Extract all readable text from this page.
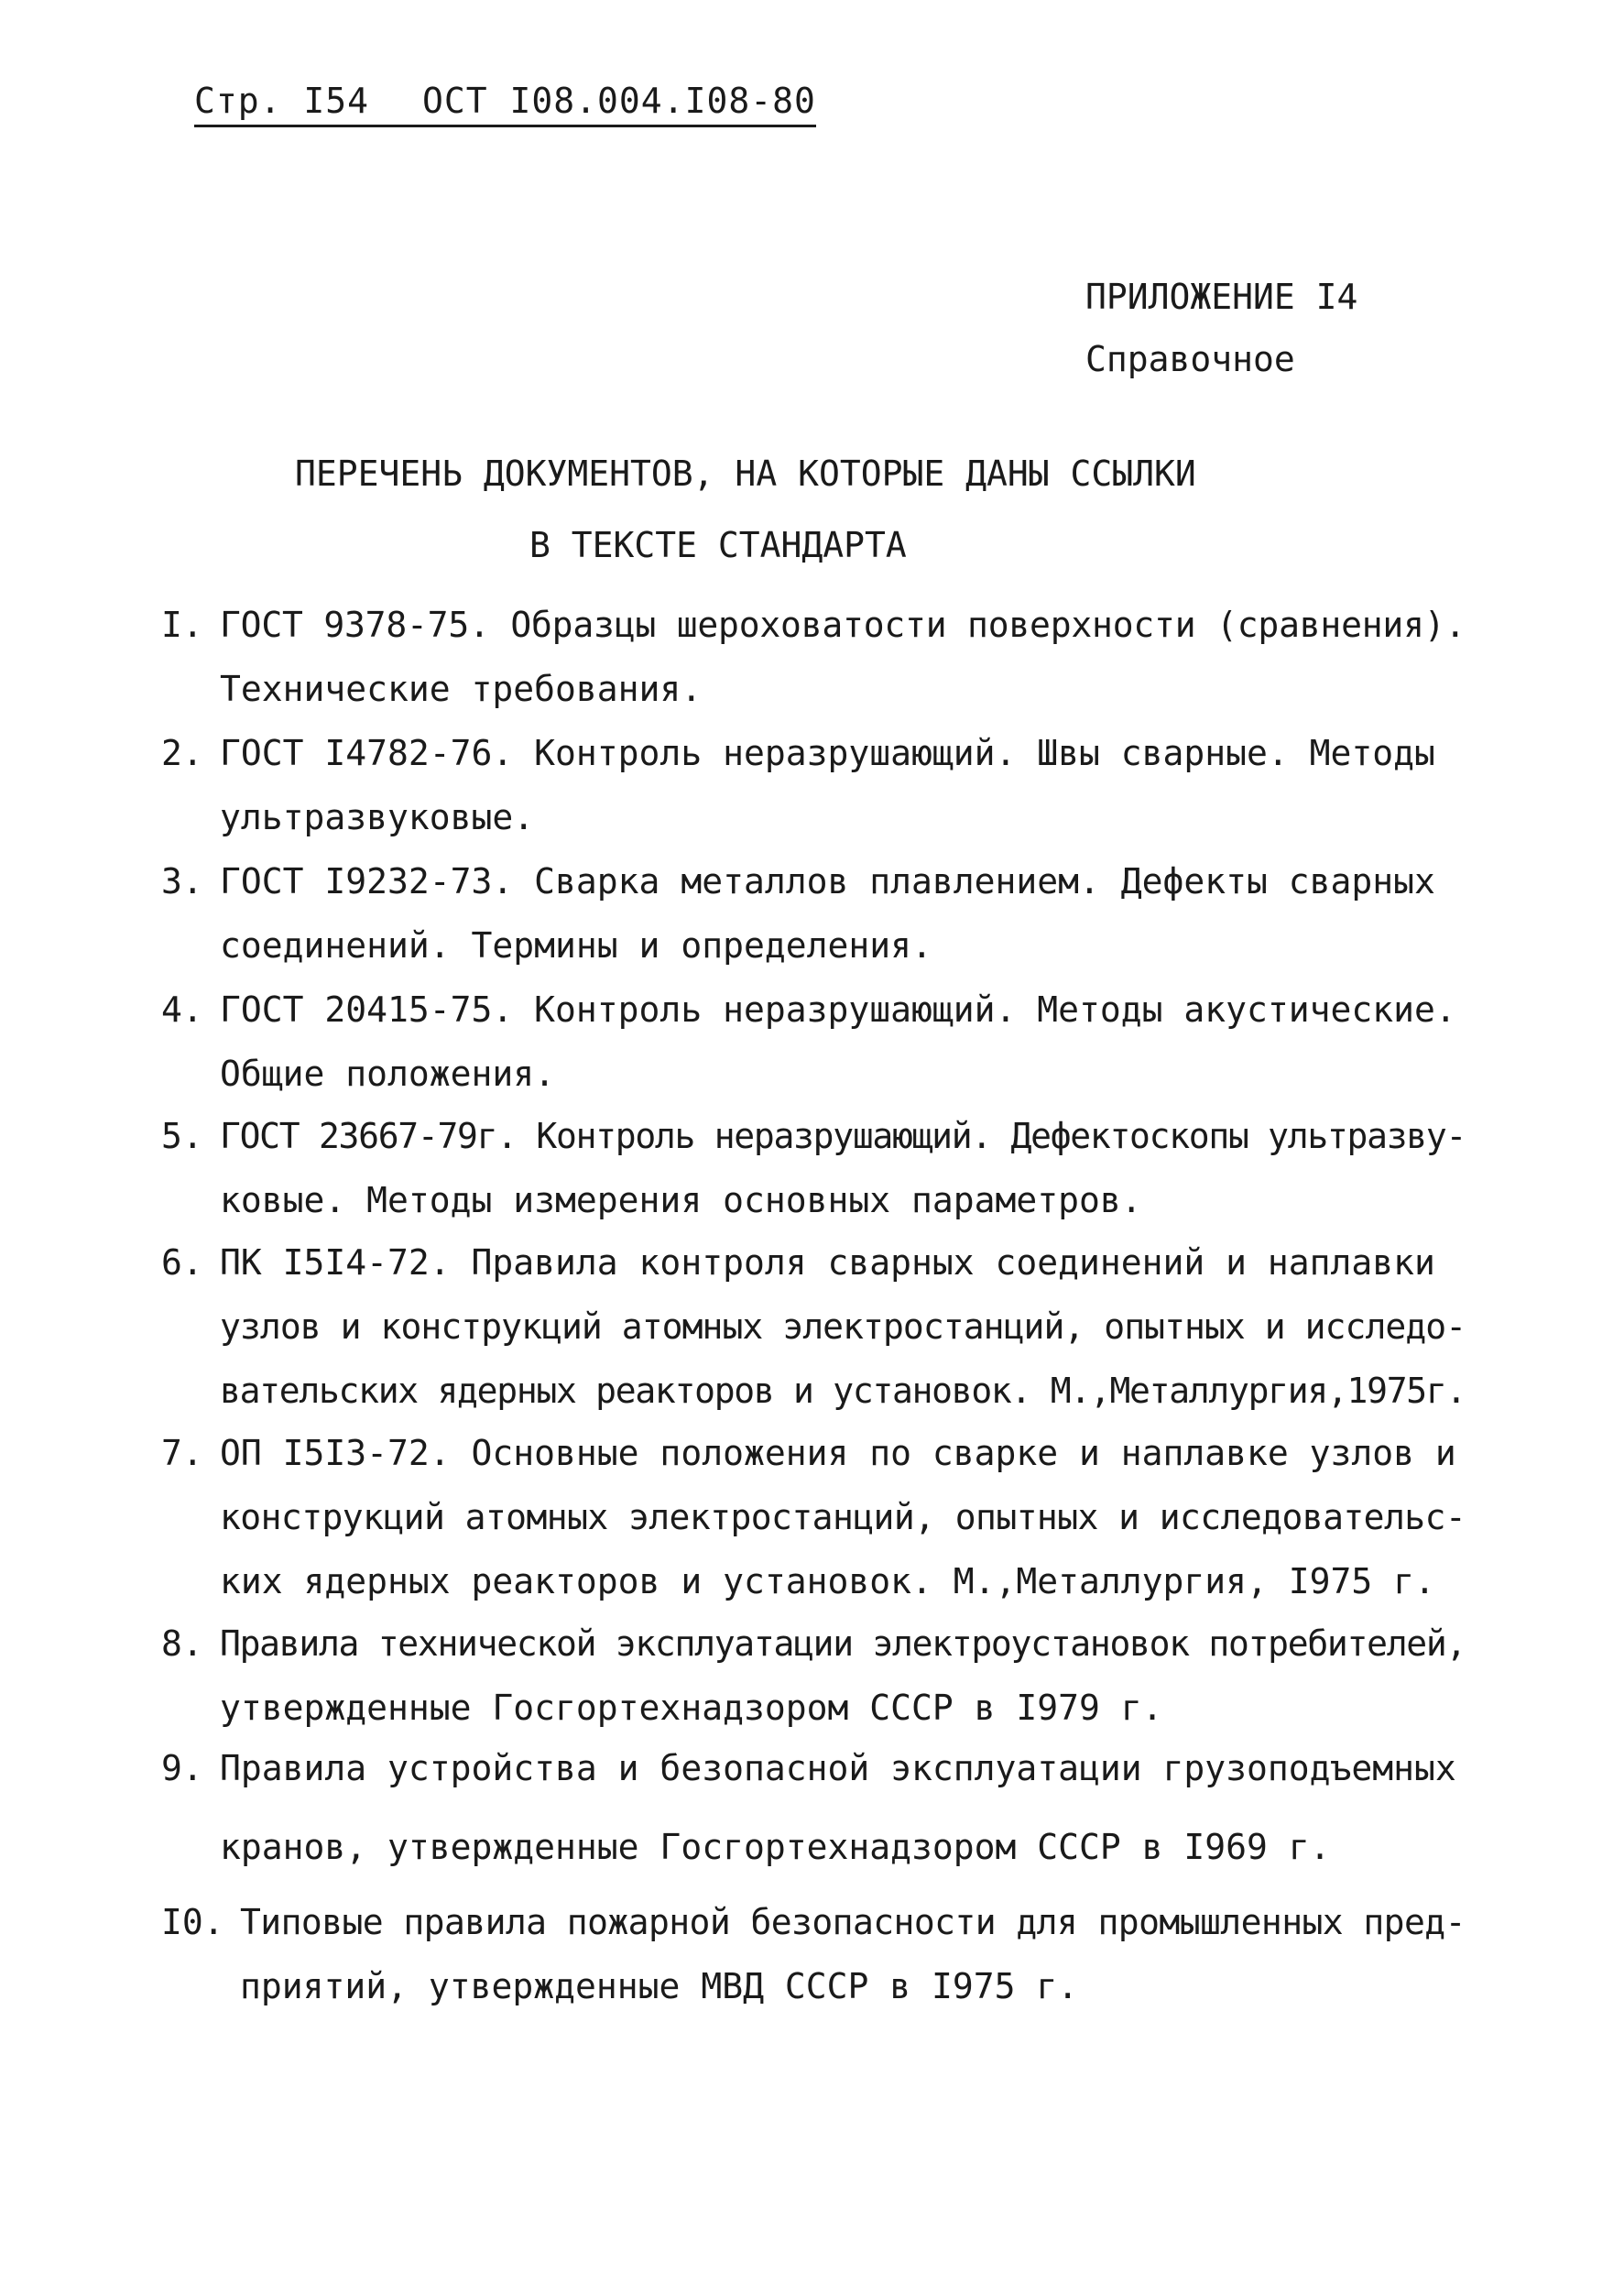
Стр. I54 ОСТ I08.004.I08-80
ПРИЛОЖЕНИЕ I4
Справочное
ПЕРЕЧЕНЬ ДОКУМЕНТОВ, НА КОТОРЫЕ ДАНЫ ССЫЛКИ
В ТЕКСТЕ СТАНДАРТА
I. ГОСТ 9378-75. Образцы шероховатости поверхности (сравнения).
Технические требования.
2. ГОСТ I4782-76. Контроль неразрушающий. Швы сварные. Методы
ультразвуковые.
3. ГОСТ I9232-73. Сварка металлов плавлением. Дефекты сварных
соединений. Термины и определения.
4. ГОСТ 20415-75. Контроль неразрушающий. Методы акустические.
Общие положения.
5. ГОСТ 23667-79г. Контроль неразрушающий. Дефектоскопы ультразву-
ковые. Методы измерения основных параметров.
6. ПК I5I4-72. Правила контроля сварных соединений и наплавки
узлов и конструкций атомных электростанций, опытных и исследо-
вательских ядерных реакторов и установок. М.,Металлургия,1975г.
7. ОП I5I3-72. Основные положения по сварке и наплавке узлов и
конструкций атомных электростанций, опытных и исследовательс-
ких ядерных реакторов и установок. М.,Металлургия, I975 г.
8. Правила технической эксплуатации электроустановок потребителей,
утвержденные Госгортехнадзором СССР в I979 г.
9. Правила устройства и безопасной эксплуатации грузоподъемных
кранов, утвержденные Госгортехнадзором СССР в I969 г.
I0. Типовые правила пожарной безопасности для промышленных пред-
приятий, утвержденные МВД СССР в I975 г.
